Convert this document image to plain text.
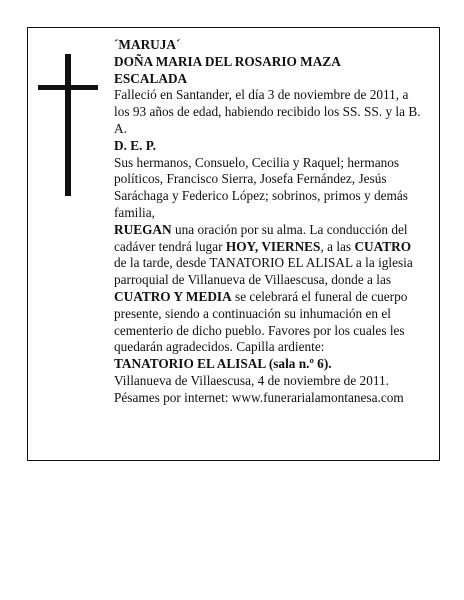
´MARUJA´

DOÑA MARIA DEL ROSARIO MAZA

ESCALADA

Falleció en Santander, el día 3 de noviembre de 2011, a los 93 años de edad, habiendo recibido los SS. SS. y la B. A.

D. E. P.

Sus hermanos, Consuelo, Cecilia y Raquel; hermanos políticos, Francisco Sierra, Josefa Fernández, Jesús Saráchaga y Federico López; sobrinos, primos y demás familia,

RUEGAN una oración por su alma. La conducción del cadáver tendrá lugar HOY, VIERNES, a las CUATRO de la tarde, desde TANATORIO EL ALISAL a la iglesia parroquial de Villanueva de Villaescusa, donde a las CUATRO Y MEDIA se celebrará el funeral de cuerpo presente, siendo a continuación su inhumación en el cementerio de dicho pueblo. Favores por los cuales les quedarán agradecidos. Capilla ardiente:

TANATORIO EL ALISAL (sala n.º 6).

Villanueva de Villaescusa, 4 de noviembre de 2011.

Pésames por internet: www.funerarialamontanesa.com
